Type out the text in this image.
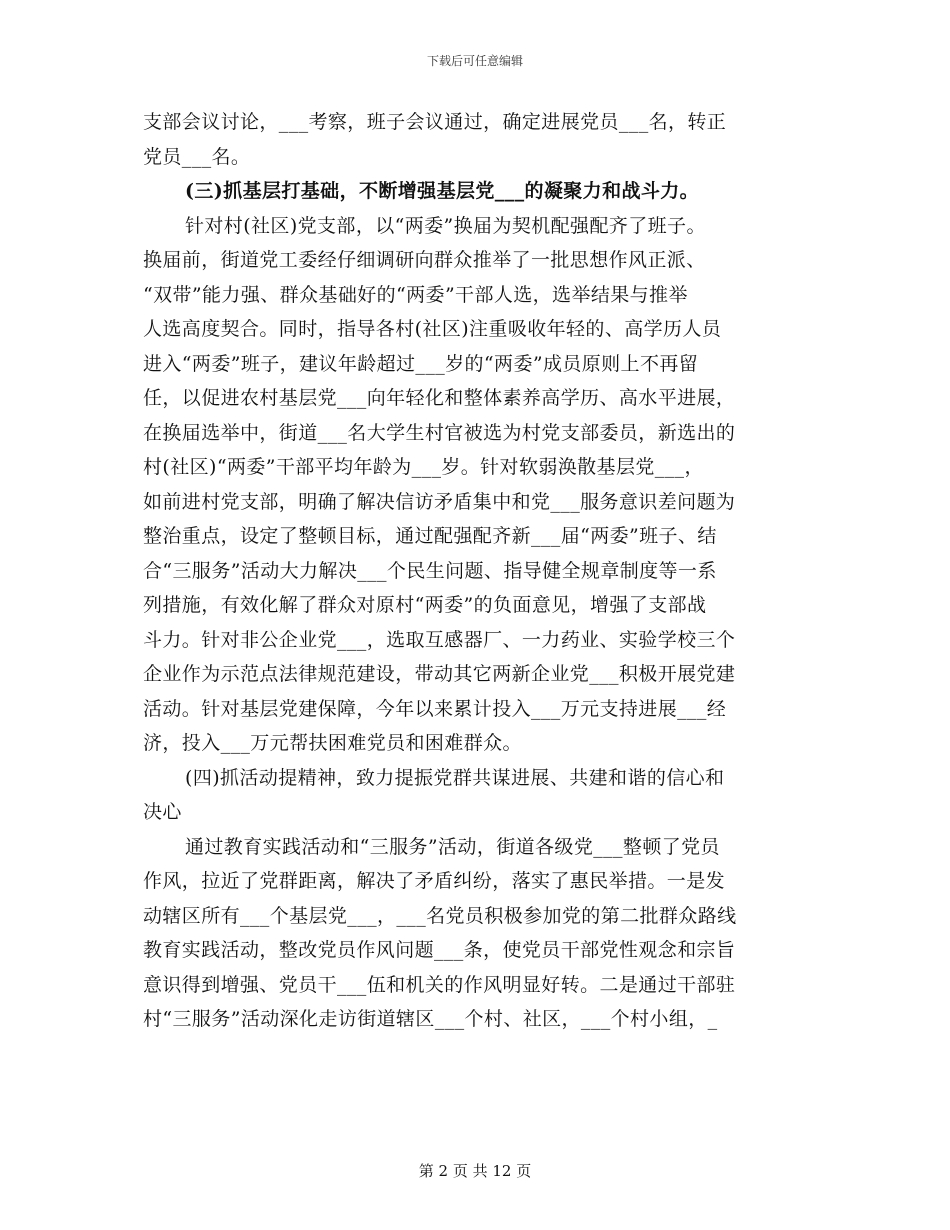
下载后可任意编辑
支部会议讨论，___考察，班子会议通过，确定进展党员___名，转正
党员___名。
(三)抓基层打基础，不断增强基层党___的凝聚力和战斗力。
针对村(社区)党支部，以“两委”换届为契机配强配齐了班子。
换届前，街道党工委经仔细调研向群众推举了一批思想作风正派、
“双带”能力强、群众基础好的“两委”干部人选，选举结果与推举
人选高度契合。同时，指导各村(社区)注重吸收年轻的、高学历人员
进入“两委”班子，建议年龄超过___岁的“两委”成员原则上不再留
任，以促进农村基层党___向年轻化和整体素养高学历、高水平进展，
在换届选举中，街道___名大学生村官被选为村党支部委员，新选出的
村(社区)“两委”干部平均年龄为___岁。针对软弱涣散基层党___，
如前进村党支部，明确了解决信访矛盾集中和党___服务意识差问题为
整治重点，设定了整顿目标，通过配强配齐新___届“两委”班子、结
合“三服务”活动大力解决___个民生问题、指导健全规章制度等一系
列措施，有效化解了群众对原村“两委”的负面意见，增强了支部战
斗力。针对非公企业党___，选取互感器厂、一力药业、实验学校三个
企业作为示范点法律规范建设，带动其它两新企业党___积极开展党建
活动。针对基层党建保障，今年以来累计投入___万元支持进展___经
济，投入___万元帮扶困难党员和困难群众。
(四)抓活动提精神，致力提振党群共谋进展、共建和谐的信心和
决心
通过教育实践活动和“三服务”活动，街道各级党___整顿了党员
作风，拉近了党群距离，解决了矛盾纠纷，落实了惠民举措。一是发
动辖区所有___个基层党___，___名党员积极参加党的第二批群众路线
教育实践活动，整改党员作风问题___条，使党员干部党性观念和宗旨
意识得到增强、党员干___伍和机关的作风明显好转。二是通过干部驻
村“三服务”活动深化走访街道辖区___个村、社区，___个村小组，_
第 2 页 共 12 页
